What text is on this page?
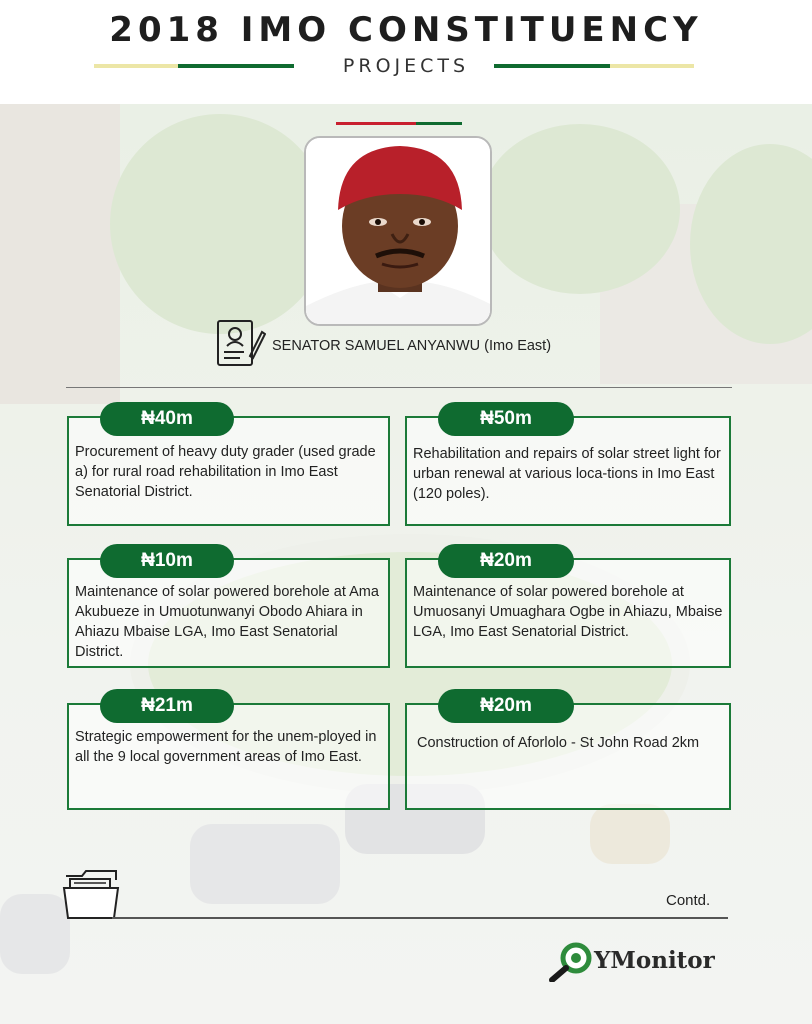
2018 IMO CONSTITUENCY
PROJECTS
SENATOR SAMUEL ANYANWU (Imo East)
Procurement of heavy duty grader (used grade a) for rural road rehabilitation in Imo East Senatorial District.
₦40m
Rehabilitation and repairs of solar street light for urban renewal at various loca-tions in Imo East (120 poles).
₦50m
Maintenance of solar powered borehole at Ama Akubueze in Umuotunwanyi Obodo Ahiara in Ahiazu Mbaise LGA, Imo East Senatorial District.
₦10m
Maintenance of solar powered borehole at Umuosanyi Umuaghara Ogbe in Ahiazu, Mbaise LGA, Imo East Senatorial District.
₦20m
Strategic empowerment for the unem-ployed in all the 9 local government areas of Imo East.
₦21m
Construction of Aforlolo - St John Road 2km
₦20m
Contd.
YMonitor
